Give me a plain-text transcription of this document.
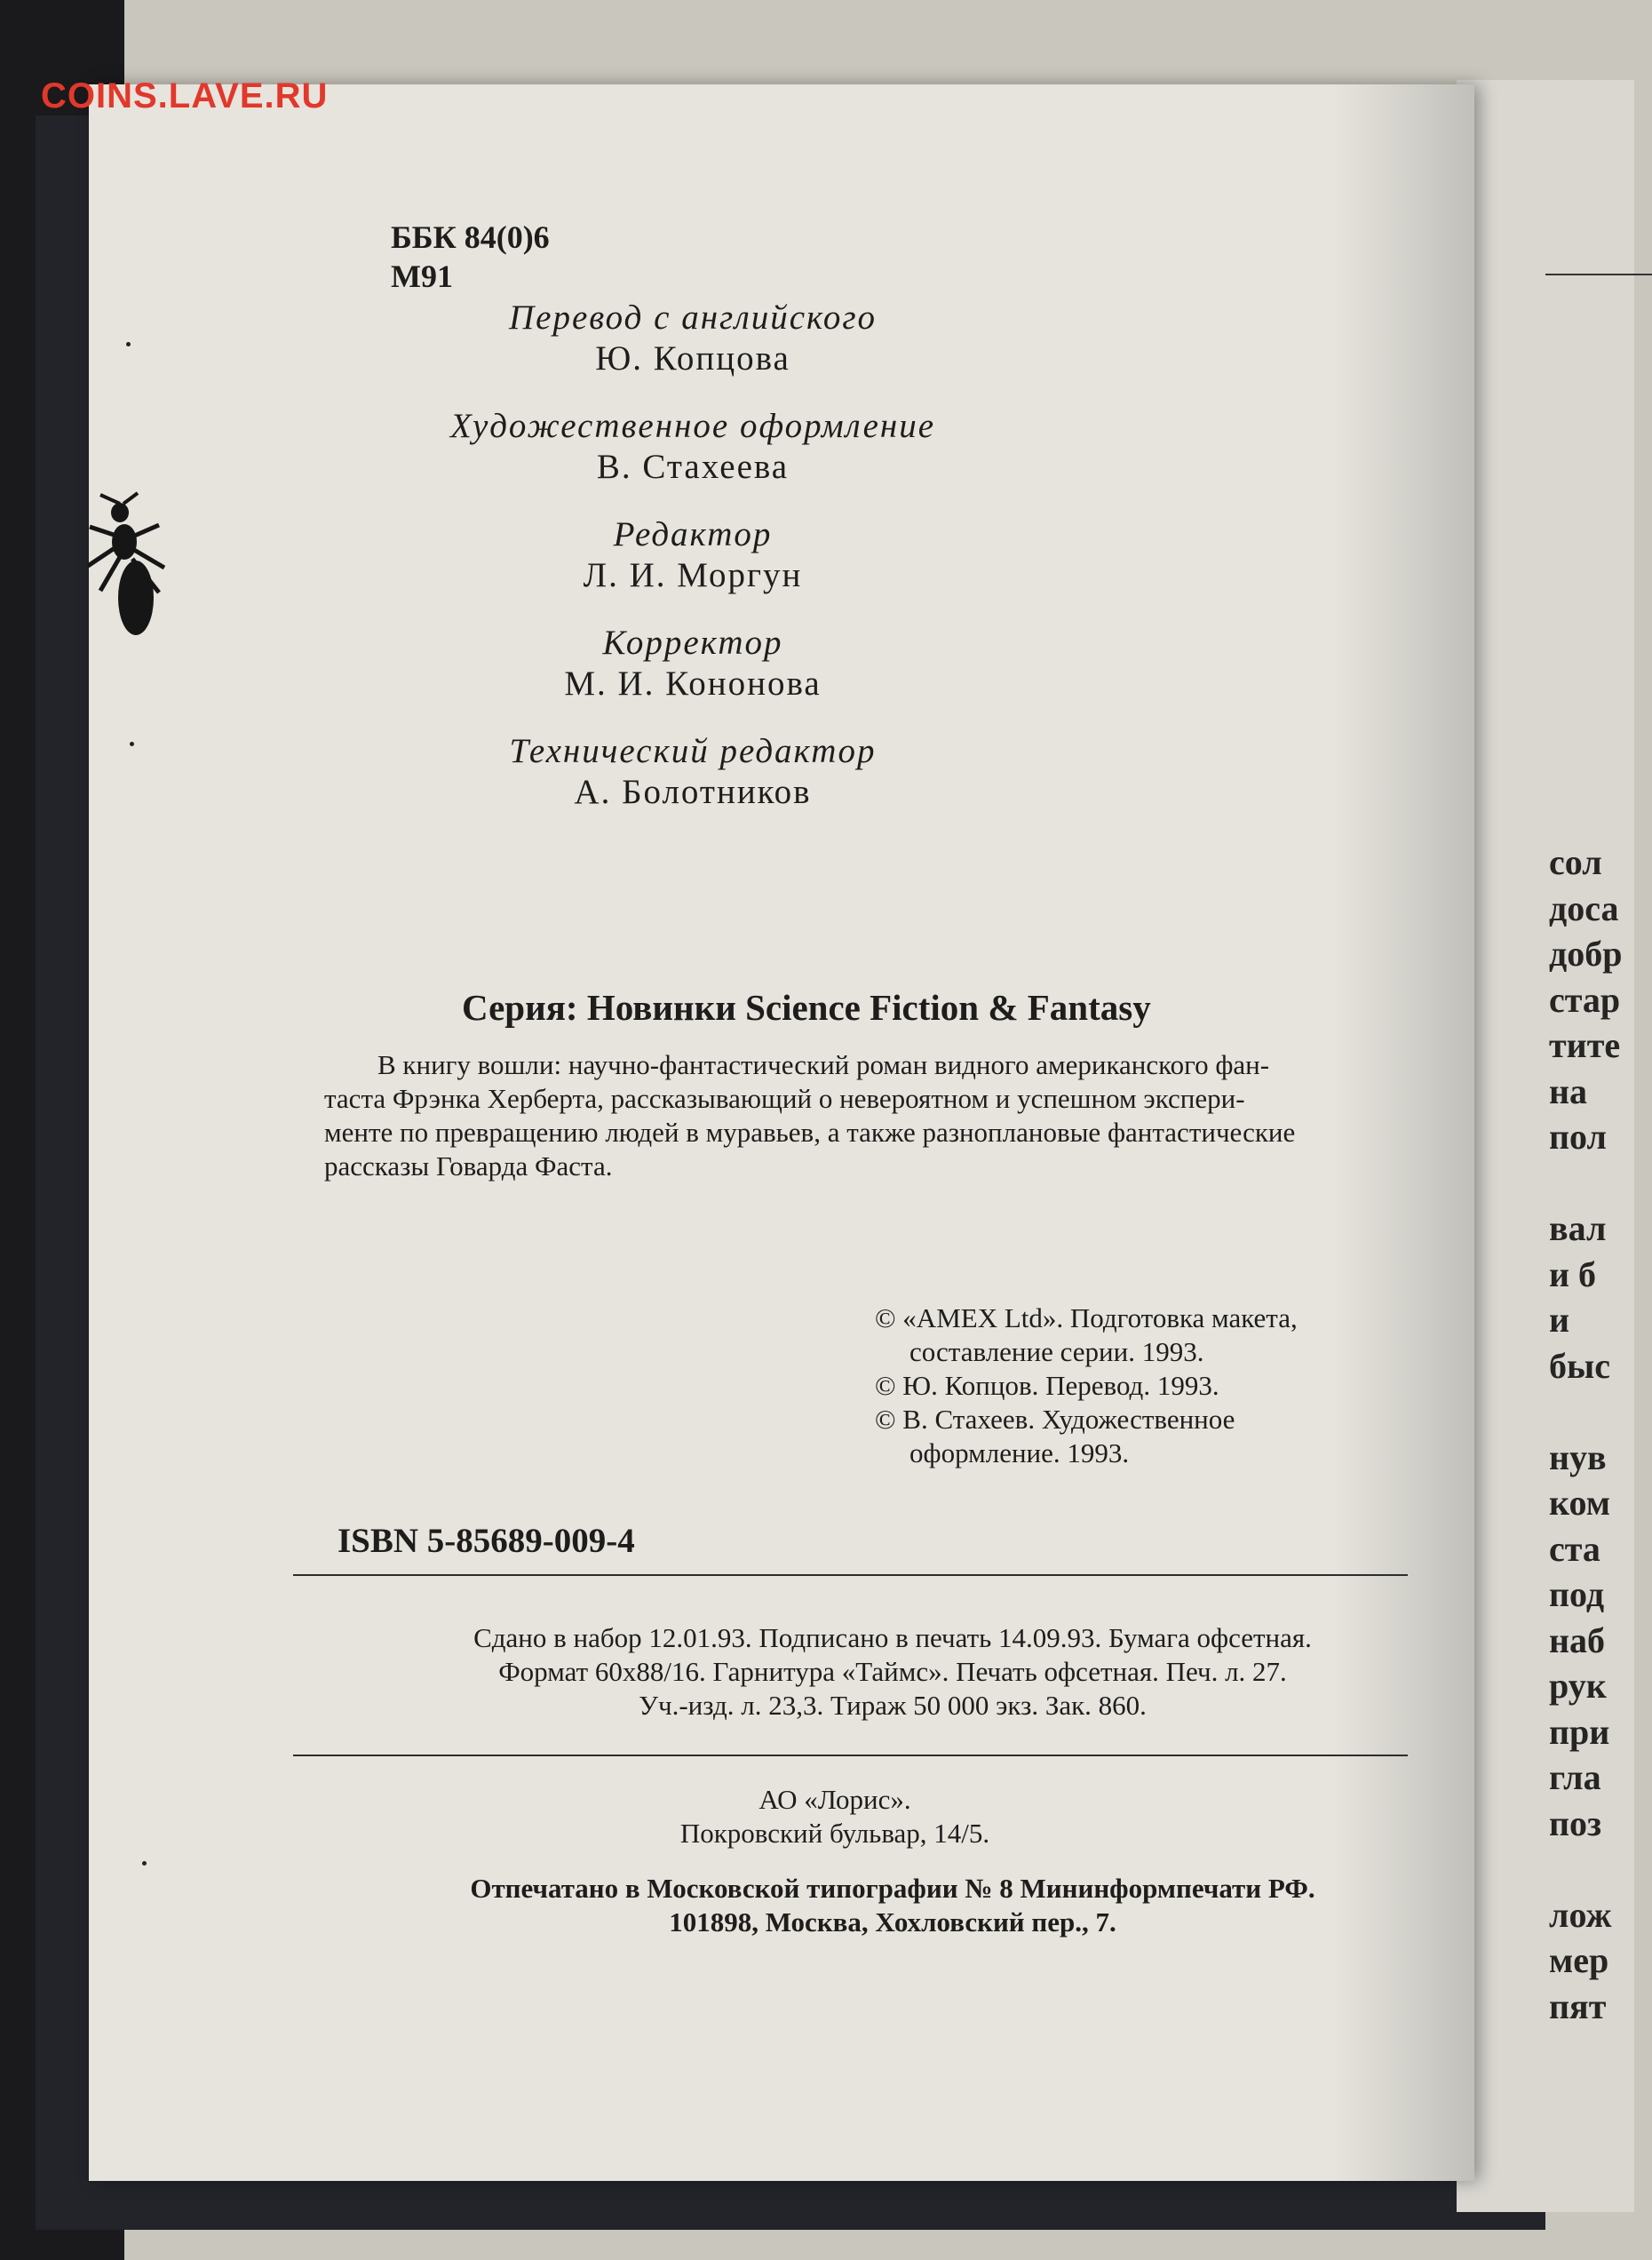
сол
доса
добр
стар
тите
на
пол
вал
и б
и
быс
нув
ком
ста
под
наб
рук
при
гла
поз
лож
мер
пят
ББК 84(0)6
М91
Перевод с английского
Ю. Копцова
Художественное оформление
В. Стахеева
Редактор
Л. И. Моргун
Корректор
М. И. Кононова
Технический редактор
А. Болотников
Серия: Новинки Science Fiction & Fantasy
В книгу вошли: научно-фантастический роман видного американского фан-
таста Фрэнка Херберта, рассказывающий о невероятном и успешном экспери-
менте по превращению людей в муравьев, а также разноплановые фантастические
рассказы Говарда Фаста.
© «AMEX Ltd». Подготовка макета,
составление серии. 1993.
© Ю. Копцов. Перевод. 1993.
© В. Стахеев. Художественное
оформление. 1993.
ISBN 5-85689-009-4
Сдано в набор 12.01.93. Подписано в печать 14.09.93. Бумага офсетная.
Формат 60х88/16. Гарнитура «Таймс». Печать офсетная. Печ. л. 27.
Уч.-изд. л. 23,3. Тираж 50 000 экз. Зак. 860.
АО «Лорис».
Покровский бульвар, 14/5.
Отпечатано в Московской типографии № 8 Мининформпечати РФ.
101898, Москва, Хохловский пер., 7.
COINS.LAVE.RU
